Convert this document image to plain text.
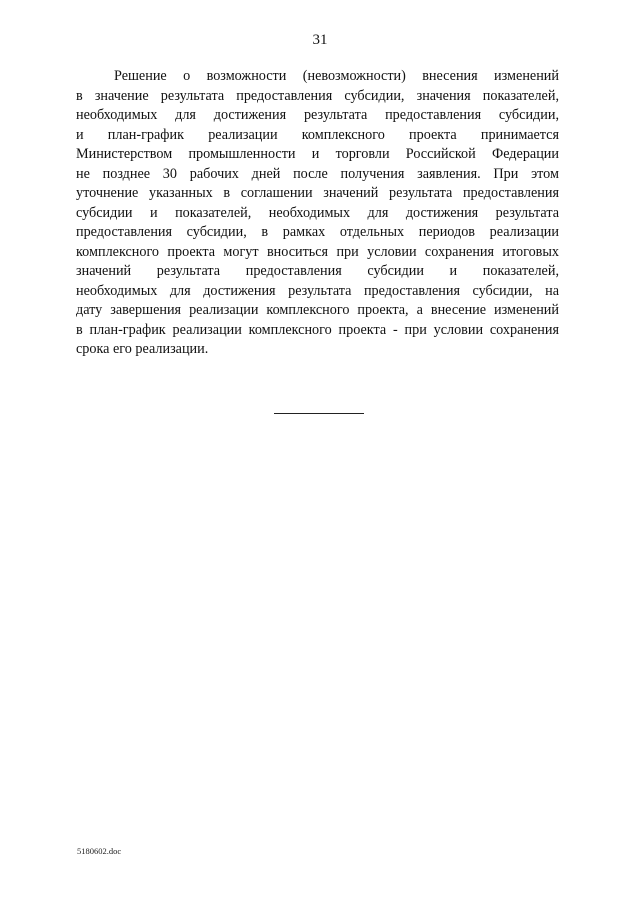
31
Решение о возможности (невозможности) внесения изменений
в значение результата предоставления субсидии, значения показателей,
необходимых для достижения результата предоставления субсидии,
и план-график реализации комплексного проекта принимается
Министерством промышленности и торговли Российской Федерации
не позднее 30 рабочих дней после получения заявления. При этом
уточнение указанных в соглашении значений результата предоставления
субсидии и показателей, необходимых для достижения результата
предоставления субсидии, в рамках отдельных периодов реализации
комплексного проекта могут вноситься при условии сохранения итоговых
значений результата предоставления субсидии и показателей,
необходимых для достижения результата предоставления субсидии, на
дату завершения реализации комплексного проекта, а внесение изменений
в план-график реализации комплексного проекта - при условии сохранения
срока его реализации.
5180602.doc
